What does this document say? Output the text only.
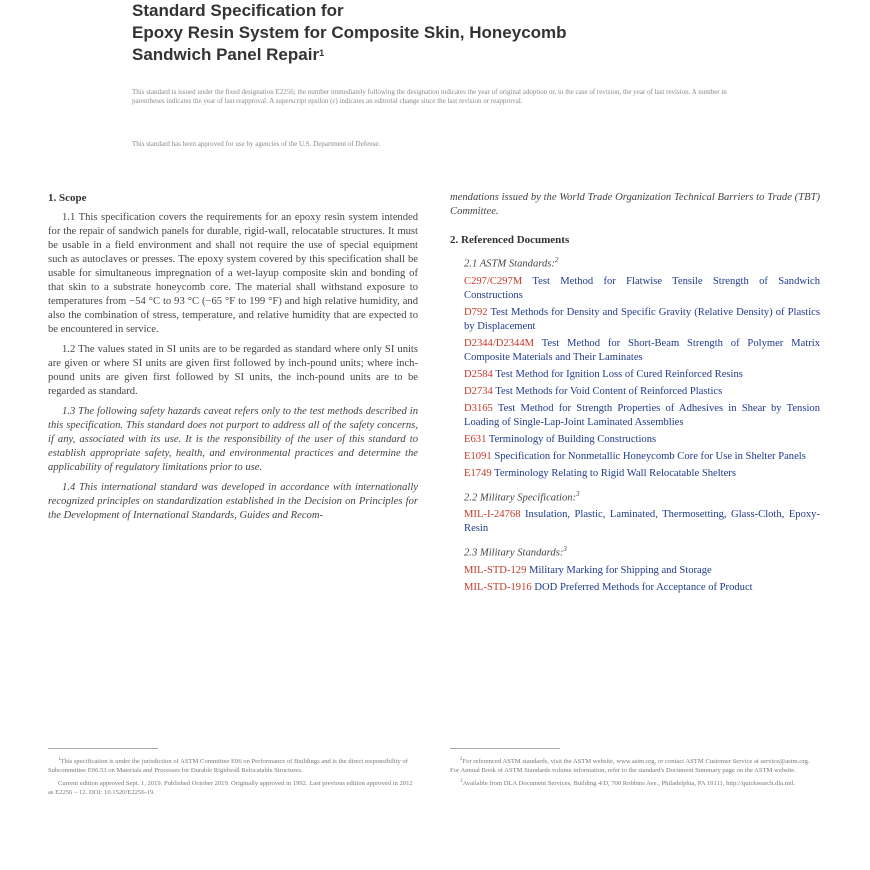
Standard Specification for
Epoxy Resin System for Composite Skin, Honeycomb
Sandwich Panel Repair$^1$
This standard is issued under the fixed designation E2256; the number immediately following the designation indicates the year of original adoption or, in the case of revision, the year of last revision. A number in parentheses indicates the year of last reapproval. A superscript epsilon (ε) indicates an editorial change since the last revision or reapproval.
This standard has been approved for use by agencies of the U.S. Department of Defense.
1. Scope

1.1 This specification covers the requirements for an epoxy resin system intended for the repair of sandwich panels for durable, rigid-wall, relocatable structures. It must be usable in a field environment and shall not require the use of special equipment such as autoclaves or presses. The epoxy system covered by this specification shall be usable for simultaneous impregnation of a wet-layup composite skin and bonding of that skin to a substrate honeycomb core. The material shall withstand exposure to temperatures from −54 °C to 93 °C (−65 °F to 199 °F) and high relative humidity, and also the combination of stress, temperature, and relative humidity that are expected to be encountered in service.

1.2 The values stated in SI units are to be regarded as standard where only SI units are given or where SI units are given first followed by inch-pound units; where inch-pound units are given first followed by SI units, the inch-pound units are to be regarded as standard.

1.3 The following safety hazards caveat refers only to the test methods described in this specification. This standard does not purport to address all of the safety concerns, if any, associated with its use. It is the responsibility of the user of this standard to establish appropriate safety, health, and environmental practices and determine the applicability of regulatory limitations prior to use.

1.4 This international standard was developed in accordance with internationally recognized principles on standardization established in the Decision on Principles for the Development of International Standards, Guides and Recom-

mendations issued by the World Trade Organization Technical Barriers to Trade (TBT) Committee.

2. Referenced Documents
2.1 ASTM Standards:$^2$
C297/C297M Test Method for Flatwise Tensile Strength of Sandwich Constructions
D792 Test Methods for Density and Specific Gravity (Relative Density) of Plastics by Displacement
D2344/D2344M Test Method for Short-Beam Strength of Polymer Matrix Composite Materials and Their Laminates
D2584 Test Method for Ignition Loss of Cured Reinforced Resins
D2734 Test Methods for Void Content of Reinforced Plastics
D3165 Test Method for Strength Properties of Adhesives in Shear by Tension Loading of Single-Lap-Joint Laminated Assemblies
E631 Terminology of Building Constructions
E1091 Specification for Nonmetallic Honeycomb Core for Use in Shelter Panels
E1749 Terminology Relating to Rigid Wall Relocatable Shelters
2.2 Military Specification:$^3$
MIL-I-24768 Insulation, Plastic, Laminated, Thermosetting, Glass-Cloth, Epoxy-Resin
2.3 Military Standards:$^3$
MIL-STD-129 Military Marking for Shipping and Storage
MIL-STD-1916 DOD Preferred Methods for Acceptance of Product

$^1$This specification is under the jurisdiction of ASTM Committee E06 on Performance of Buildings and is the direct responsibility of Subcommittee E06.53 on Materials and Processes for Durable Rigidwall Relocatable Structures.

Current edition approved Sept. 1, 2019. Published October 2019. Originally approved in 1992. Last previous edition approved in 2012 as E2256 – 12. DOI: 10.1520/E2256-19.

$^2$For referenced ASTM standards, visit the ASTM website, www.astm.org, or contact ASTM Customer Service at service@astm.org. For Annual Book of ASTM Standards volume information, refer to the standard's Document Summary page on the ASTM website.

$^3$Available from DLA Document Services, Building 4/D, 700 Robbins Ave., Philadelphia, PA 19111, http://quicksearch.dla.mil.
